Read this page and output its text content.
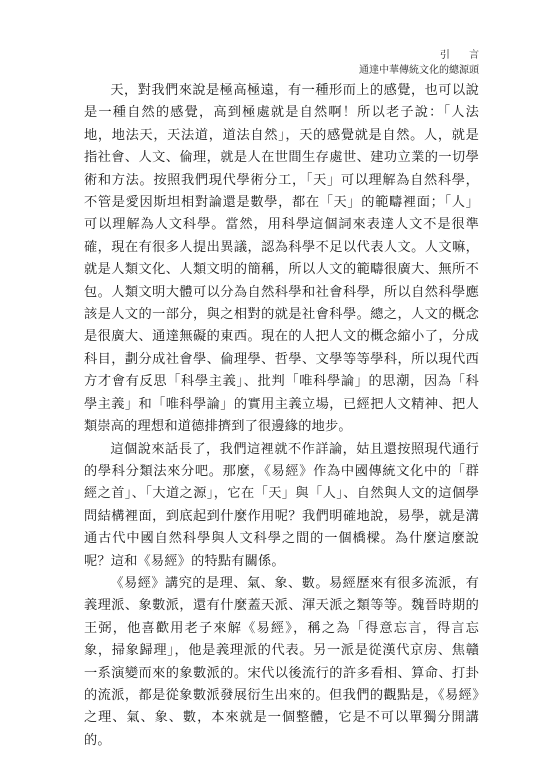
引 言
通達中華傳統文化的總源頭

天，對我們來說是極高極遠，有一種形而上的感覺，也可以說是一種自然的感覺，高到極處就是自然啊！所以老子說：「人法地，地法天，天法道，道法自然」，天的感覺就是自然。人，就是指社會、人文、倫理，就是人在世間生存處世、建功立業的一切學術和方法。按照我們現代學術分工，「天」可以理解為自然科學，不管是愛因斯坦相對論還是數學，都在「天」的範疇裡面；「人」可以理解為人文科學。當然，用科學這個詞來表達人文不是很準確，現在有很多人提出異議，認為科學不足以代表人文。人文嘛，就是人類文化、人類文明的簡稱，所以人文的範疇很廣大、無所不包。人類文明大體可以分為自然科學和社會科學，所以自然科學應該是人文的一部分，與之相對的就是社會科學。總之，人文的概念是很廣大、通達無礙的東西。現在的人把人文的概念縮小了，分成科目，劃分成社會學、倫理學、哲學、文學等等學科，所以現代西方才會有反思「科學主義」、批判「唯科學論」的思潮，因為「科學主義」和「唯科學論」的實用主義立場，已經把人文精神、把人類崇高的理想和道德排擠到了很邊緣的地步。

這個說來話長了，我們這裡就不作詳論，姑且還按照現代通行的學科分類法來分吧。那麼，《易經》作為中國傳統文化中的「群經之首」、「大道之源」，它在「天」與「人」、自然與人文的這個學問結構裡面，到底起到什麼作用呢？我們明確地說，易學，就是溝通古代中國自然科學與人文科學之間的一個橋樑。為什麼這麼說呢？這和《易經》的特點有關係。

《易經》講究的是理、氣、象、數。易經歷來有很多流派，有義理派、象數派，還有什麼蓋天派、渾天派之類等等。魏晉時期的王弼，他喜歡用老子來解《易經》，稱之為「得意忘言，得言忘象，掃象歸理」，他是義理派的代表。另一派是從漢代京房、焦贛一系演變而來的象數派的。宋代以後流行的許多看相、算命、打卦的流派，都是從象數派發展衍生出來的。但我們的觀點是，《易經》之理、氣、象、數，本來就是一個整體，它是不可以單獨分開講的。
